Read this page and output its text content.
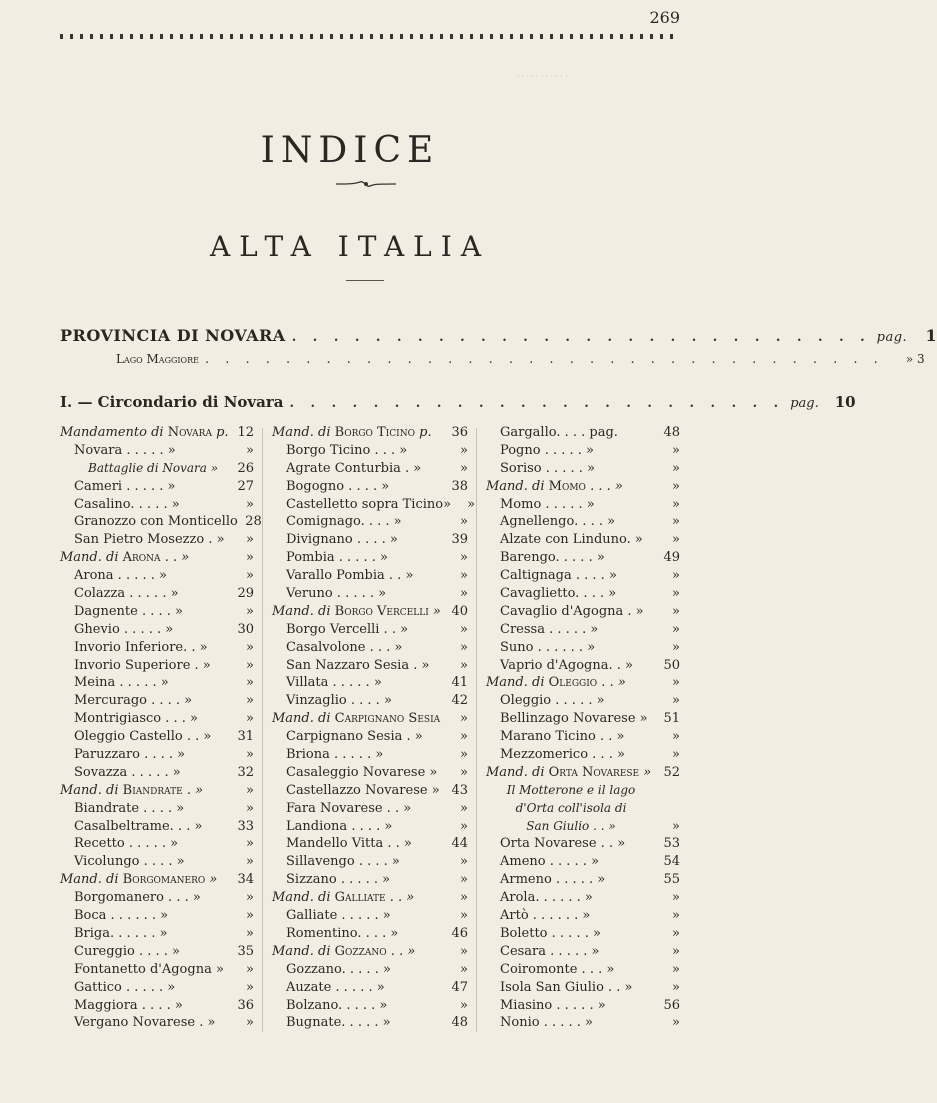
269
...........
INDICE
ALTA ITALIA
PROVINCIA DI NOVARA . . . . . . . . . . . . . . . . . . . . . . . . . . . . pag. 1
Lago Maggiore . . . . . . . . . . . . . . . . . . . . . . . . . . . . . . . . . . » 3
I. — Circondario di Novara . . . . . . . . . . . . . . . . . . . . . . . . pag. 10
Mandamento di Novara p. 12
Novara . . . . . »	»
Battaglie di Novara »	26
Cameri . . . . . »	27
Casalino. . . . . »	»
Granozzo con Monticello 28
San Pietro Mosezzo . »	»
Mand. di Arona . . »	»
Arona . . . . . »	»
Colazza . . . . . »	29
Dagnente . . . . »	»
Ghevio . . . . . »	30
Invorio Inferiore. . »	»
Invorio Superiore . »	»
Meina . . . . . »	»
Mercurago . . . . »	»
Montrigiasco . . . »	»
Oleggio Castello . . »	31
Paruzzaro . . . . »	»
Sovazza . . . . . »	32
Mand. di Biandrate . »	»
Biandrate . . . . »	»
Casalbeltrame. . . »	33
Recetto . . . . . »	»
Vicolungo . . . . »	»
Mand. di Borgomanero »	34
Borgomanero . . . »	»
Boca . . . . . . »	»
Briga. . . . . . »	»
Cureggio . . . . »	35
Fontanetto d'Agogna »	»
Gattico . . . . . »	»
Maggiora . . . . »	36
Vergano Novarese . »	»
Mand. di Borgo Ticino p.	36
Borgo Ticino . . . »	»
Agrate Conturbia . »	»
Bogogno . . . . »	38
Castelletto sopra Ticino»	»
Comignago. . . . »	»
Divignano . . . . »	39
Pombia . . . . . »	»
Varallo Pombia . . »	»
Veruno . . . . . »	»
Mand. di Borgo Vercelli » 40
Borgo Vercelli . . »	»
Casalvolone . . . »	»
San Nazzaro Sesia . »	»
Villata . . . . . »	41
Vinzaglio . . . . »	42
Mand. di Carpignano Sesia	»
Carpignano Sesia . »	»
Briona . . . . . »	»
Casaleggio Novarese »	»
Castellazzo Novarese » 43
Fara Novarese . . »	»
Landiona . . . . »	»
Mandello Vitta . . »	44
Sillavengo . . . . »	»
Sizzano . . . . . »	»
Mand. di Galliate . . »	»
Galliate . . . . . »	»
Romentino. . . . »	46
Mand. di Gozzano . . »	»
Gozzano. . . . . »	»
Auzate . . . . . »	47
Bolzano. . . . . »	»
Bugnate. . . . . »	48
Gargallo. . . . pag.	48
Pogno . . . . . »	»
Soriso . . . . . »	»
Mand. di Momo . . . »	»
Momo . . . . . »	»
Agnellengo. . . . »	»
Alzate con Linduno. »	»
Barengo. . . . . »	49
Caltignaga . . . . »	»
Cavaglietto. . . . »	»
Cavaglio d'Agogna . »	»
Cressa . . . . . »	»
Suno . . . . . . »	»
Vaprio d'Agogna. . »	50
Mand. di Oleggio . . »	»
Oleggio . . . . . »	»
Bellinzago Novarese »	51
Marano Ticino . . »	»
Mezzomerico . . . »	»
Mand. di Orta Novarese » 52
Il Motterone e il lago
d'Orta coll'isola di
San Giulio . . »	»
Orta Novarese . . »	53
Ameno . . . . . »	54
Armeno . . . . . »	55
Arola. . . . . . »	»
Artò . . . . . . »	»
Boletto . . . . . »	»
Cesara . . . . . »	»
Coiromonte . . . »	»
Isola San Giulio . . »	»
Miasino . . . . . »	56
Nonio . . . . . »	»
